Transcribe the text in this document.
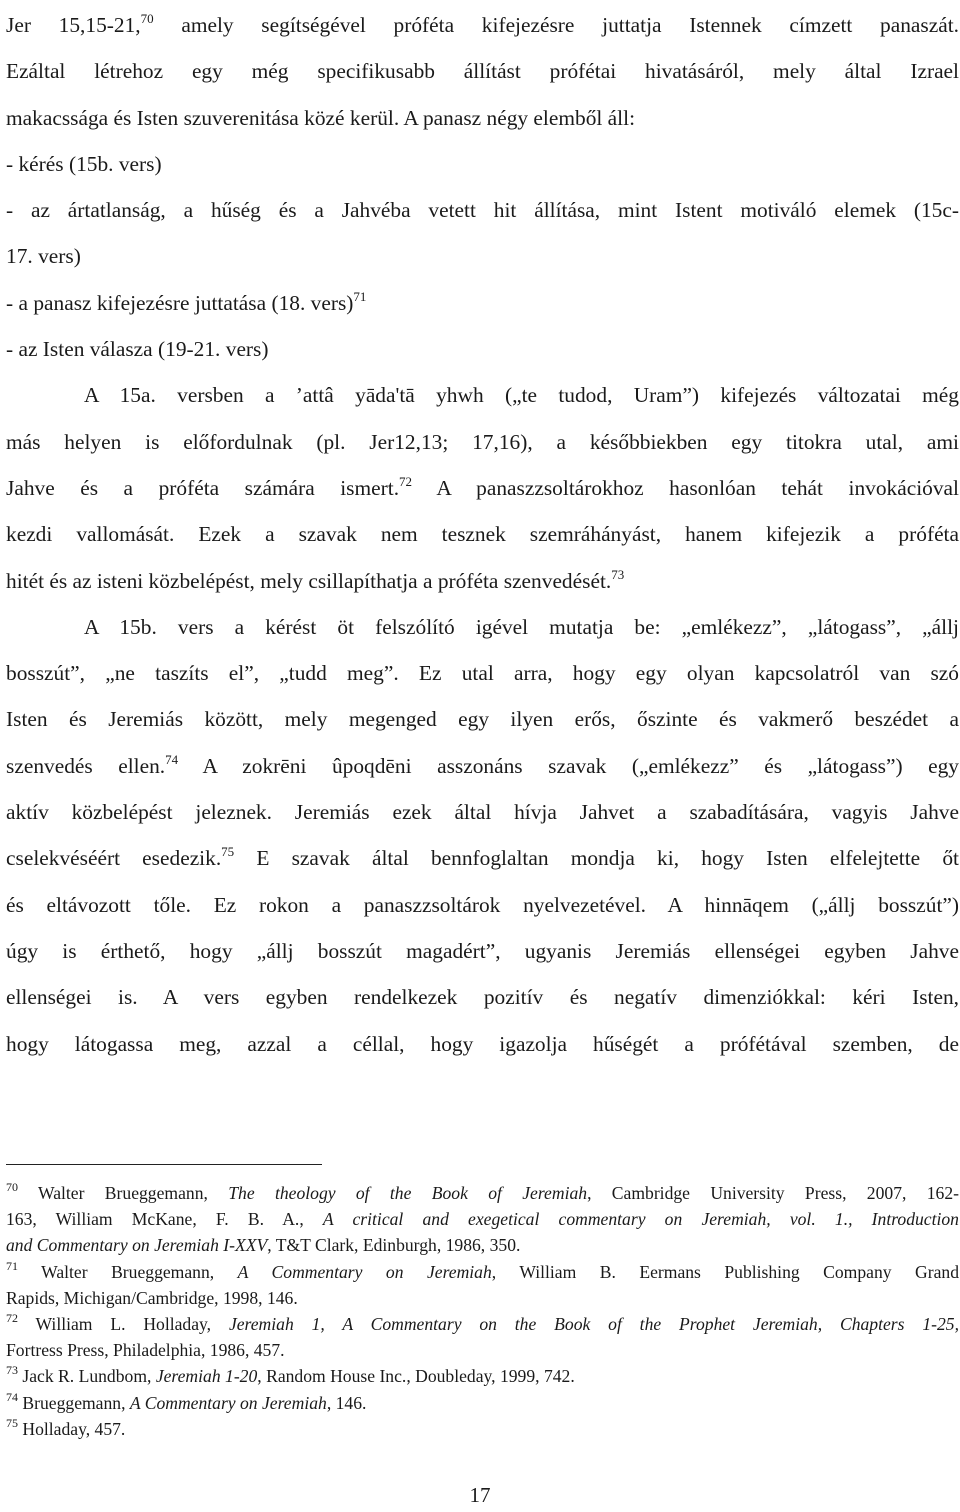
Jer 15,15-21,70 amely segítségével próféta kifejezésre juttatja Istennek címzett panaszát.
Ezáltal létrehoz egy még specifikusabb állítást prófétai hivatásáról, mely által Izrael
makacssága és Isten szuverenitása közé kerül. A panasz négy elemből áll:
- kérés (15b. vers)
- az ártatlanság, a hűség és a Jahvéba vetett hit állítása, mint Istent motiváló elemek (15c-
17. vers)
- a panasz kifejezésre juttatása (18. vers)$^{71}$
- az Isten válasza (19-21. vers)
A 15a. versben a ’attâ yāda'tā yhwh („te tudod, Uram”) kifejezés változatai még
más helyen is előfordulnak (pl. Jer12,13; 17,16), a későbbiekben egy titokra utal, ami
Jahve és a próféta számára ismert.$^{72}$ A panaszzsoltárokhoz hasonlóan tehát invokációval
kezdi vallomását. Ezek a szavak nem tesznek szemráhányást, hanem kifejezik a próféta
hitét és az isteni közbelépést, mely csillapíthatja a próféta szenvedését.$^{73}$
A 15b. vers a kérést öt felszólító igével mutatja be: „emlékezz”, „látogass”, „állj
bosszút”, „ne taszíts el”, „tudd meg”. Ez utal arra, hogy egy olyan kapcsolatról van szó
Isten és Jeremiás között, mely megenged egy ilyen erős, őszinte és vakmerő beszédet a
szenvedés ellen.$^{74}$ A zokrēni ûpoqdēni asszonáns szavak („emlékezz” és „látogass”) egy
aktív közbelépést jeleznek. Jeremiás ezek által hívja Jahvet a szabadítására, vagyis Jahve
cselekvéséért esedezik.$^{75}$ E szavak által bennfoglaltan mondja ki, hogy Isten elfelejtette őt
és eltávozott tőle. Ez rokon a panaszzsoltárok nyelvezetével. A hinnāqem („állj bosszút”)
úgy is érthető, hogy „állj bosszút magadért”, ugyanis Jeremiás ellenségei egyben Jahve
ellenségei is. A vers egyben rendelkezek pozitív és negatív dimenziókkal: kéri Isten,
hogy látogassa meg, azzal a céllal, hogy igazolja hűségét a prófétával szemben, de
$^{70}$ Walter Brueggemann, The theology of the Book of Jeremiah, Cambridge University Press, 2007, 162-
163, William McKane, F. B. A., A critical and exegetical commentary on Jeremiah, vol. 1., Introduction
and Commentary on Jeremiah I-XXV, T&T Clark, Edinburgh, 1986, 350.
$^{71}$ Walter Brueggemann, A Commentary on Jeremiah, William B. Eermans Publishing Company Grand
Rapids, Michigan/Cambridge, 1998, 146.
$^{72}$ William L. Holladay, Jeremiah 1, A Commentary on the Book of the Prophet Jeremiah, Chapters 1-25,
Fortress Press, Philadelphia, 1986, 457.
$^{73}$ Jack R. Lundbom, Jeremiah 1-20, Random House Inc., Doubleday, 1999, 742.
$^{74}$ Brueggemann, A Commentary on Jeremiah, 146.
$^{75}$ Holladay, 457.
17
